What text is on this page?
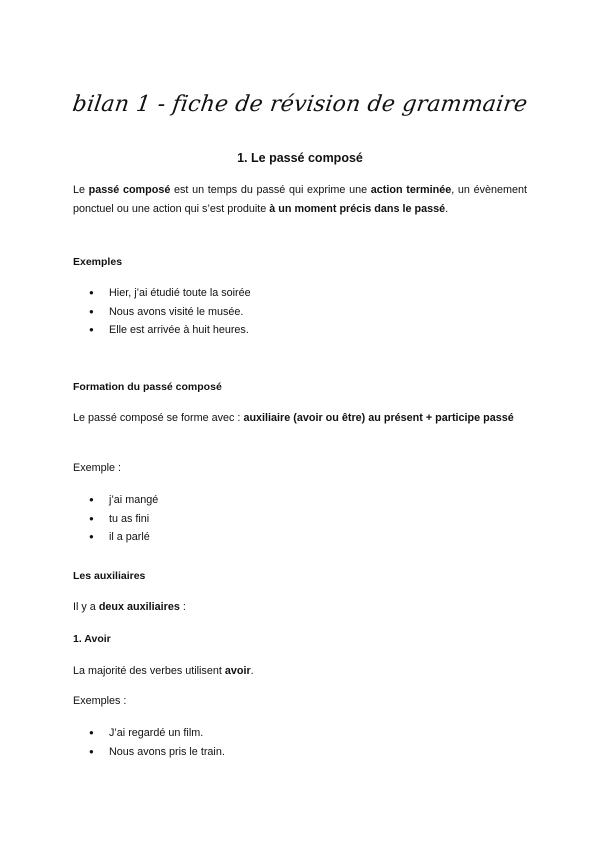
bilan 1 - fiche de révision de grammaire
1. Le passé composé
Le passé composé est un temps du passé qui exprime une action terminée, un évènement ponctuel ou une action qui s’est produite à un moment précis dans le passé.
Exemples
● Hier, j’ai étudié toute la soirée
● Nous avons visité le musée.
● Elle est arrivée à huit heures.
Formation du passé composé
Le passé composé se forme avec : auxiliaire (avoir ou être) au présent + participe passé
Exemple :
● j’ai mangé
● tu as fini
● il a parlé
Les auxiliaires
Il y a deux auxiliaires :
1. Avoir
La majorité des verbes utilisent avoir.
Exemples :
● J’ai regardé un film.
● Nous avons pris le train.
